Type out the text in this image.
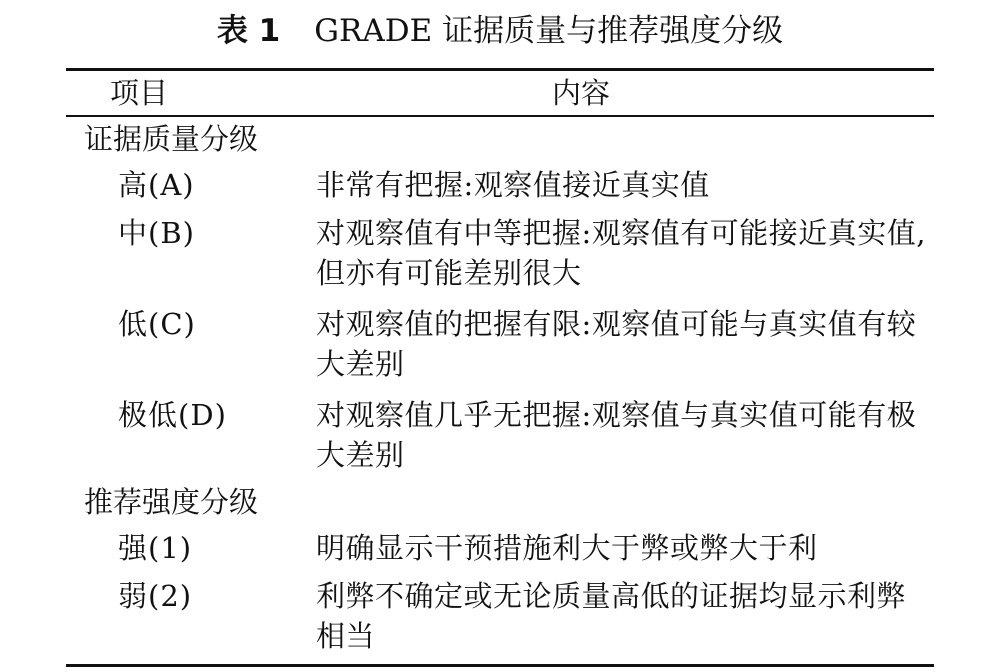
表 1 GRADE 证据质量与推荐强度分级
项目	内容
证据质量分级
高(A)	非常有把握:观察值接近真实值
中(B)	对观察值有中等把握:观察值有可能接近真实值,但亦有可能差别很大
低(C)	对观察值的把握有限:观察值可能与真实值有较大差别
极低(D)	对观察值几乎无把握:观察值与真实值可能有极大差别
推荐强度分级
强(1)	明确显示干预措施利大于弊或弊大于利
弱(2)	利弊不确定或无论质量高低的证据均显示利弊相当
